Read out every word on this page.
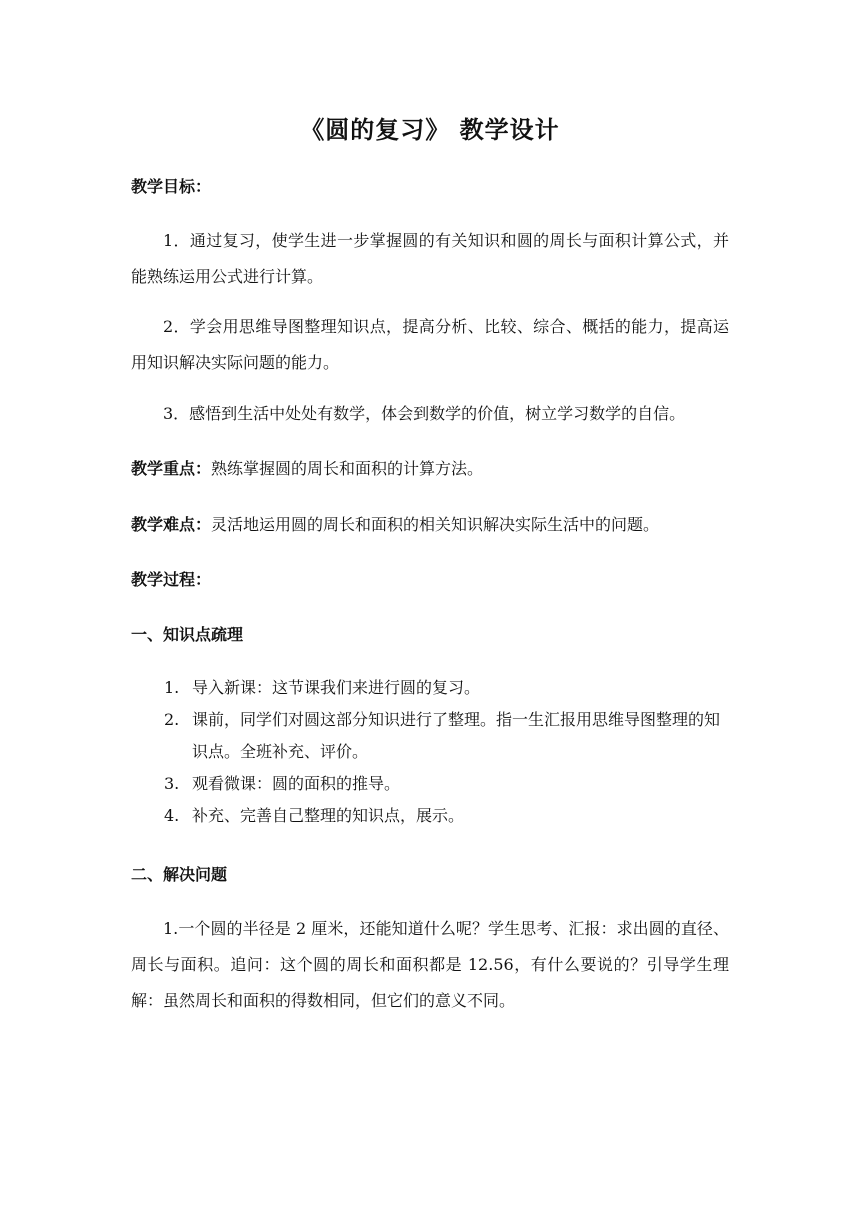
《圆的复习》 教学设计
教学目标：
1．通过复习，使学生进一步掌握圆的有关知识和圆的周长与面积计算公式，并能熟练运用公式进行计算。
2．学会用思维导图整理知识点，提高分析、比较、综合、概括的能力，提高运用知识解决实际问题的能力。
3．感悟到生活中处处有数学，体会到数学的价值，树立学习数学的自信。
教学重点：熟练掌握圆的周长和面积的计算方法。
教学难点：灵活地运用圆的周长和面积的相关知识解决实际生活中的问题。
教学过程：
一、知识点疏理
1. 导入新课：这节课我们来进行圆的复习。
2. 课前，同学们对圆这部分知识进行了整理。指一生汇报用思维导图整理的知识点。全班补充、评价。
3. 观看微课：圆的面积的推导。
4. 补充、完善自己整理的知识点，展示。
二、解决问题
1.一个圆的半径是 2 厘米，还能知道什么呢？学生思考、汇报：求出圆的直径、周长与面积。追问：这个圆的周长和面积都是 12.56，有什么要说的？引导学生理解：虽然周长和面积的得数相同，但它们的意义不同。
